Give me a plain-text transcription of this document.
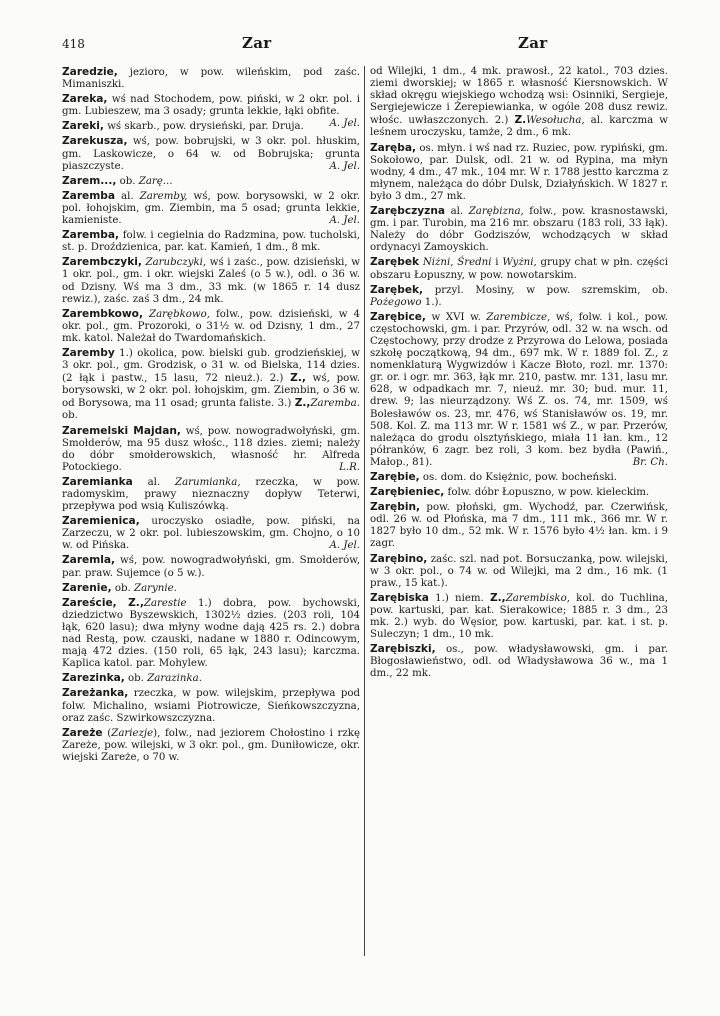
418	Zar	Zar

Zaredzie, jezioro, w pow. wileńskim, pod zaśc. Mimaniszki.

Zareka, wś nad Stochodem, pow. piński, w 2 okr. pol. i gm. Lubieszew, ma 3 osady; grunta lekkie, łąki obfite.
A. Jel.

Zareki, wś skarb., pow. drysieński, par. Druja.

Zarekusza, wś, pow. bobrujski, w 3 okr. pol. hłuskim, gm. Laskowicze, o 64 w. od Bobrujska; grunta piaszczyste.	A. Jel.

Zarem..., ob. Zarę...

Zaremba al. Zaremby, wś, pow. borysowski, w 2 okr. pol. łohojskim, gm. Ziembin, ma 5 osad; grunta lekkie, kamieniste.	A. Jel.

Zaremba, folw. i cegielnia do Radzmina, pow. tucholski, st. p. Droździenica, par. kat. Kamień, 1 dm., 8 mk.

Zarembczyki, Zarubczyki, wś i zaśc., pow. dzisieński, w 1 okr. pol., gm. i okr. wiejski Zaleś (o 5 w.), odl. o 36 w. od Dzisny. Wś ma 3 dm., 33 mk. (w 1865 r. 14 dusz rewiz.), zaśc. zaś 3 dm., 24 mk.

Zarembkowo, Zarębkowo, folw., pow. dzisieński, w 4 okr. pol., gm. Prozoroki, o 31½ w. od Dzisny, 1 dm., 27 mk. katol. Należał do Twardomańskich.

Zaremby 1.) okolica, pow. bielski gub. grodzieńskiej, w 3 okr. pol., gm. Grodzisk, o 31 w. od Bielska, 114 dzies. (2 łąk i pastw., 15 lasu, 72 nieuż.). 2.) Z., wś, pow. borysowski, w 2 okr. pol. łohojskim, gm. Ziembin, o 36 w. od Borysowa, ma 11 osad; grunta faliste. 3.) Z.,Zaremba. ob.

Zaremelski Majdan, wś, pow. nowogradwołyński, gm. Smołderów, ma 95 dusz włośc., 118 dzies. ziemi; należy do dóbr smołderowskich, własność hr. Alfreda Potockiego.	L.R.

Zaremianka al. Zarumianka, rzeczka, w pow. radomyskim, prawy nieznaczny dopływ Teterwi, przepływa pod wsią Kuliszówką.

Zaremienica, uroczysko osiadłe, pow. piński, na Zarzeczu, w 2 okr. pol. lubieszowskim, gm. Chojno, o 10 w. od Pińska.	A. Jel.

Zaremla, wś, pow. nowogradwołyński, gm. Smołderów, par. praw. Sujemce (o 5 w.).

Zarenie, ob. Zarynie.

Zareście, Z.,Zarestie 1.) dobra, pow. bychowski, dziedzictwo Byszewskich, 1302½ dzies. (203 roli, 104 łąk, 620 lasu); dwa młyny wodne dają 425 rs. 2.) dobra nad Restą, pow. czauski, nadane w 1880 r. Odincowym, mają 472 dzies. (150 roli, 65 łąk, 243 lasu); karczma. Kaplica katol. par. Mohylew.

Zarezinka, ob. Zarazinka.

Zareżanka, rzeczka, w pow. wilejskim, przepływa pod folw. Michalino, wsiami Piotrowicze, Sieńkowszczyzna, oraz zaśc. Szwirkowszczyzna.

Zareże (Zariezje), folw., nad jeziorem Chołostino i rzkę Zareże, pow. wilejski, w 3 okr. pol., gm. Duniłowicze, okr. wiejski Zareże, o 70 w.

od Wilejki, 1 dm., 4 mk. prawosł., 22 katol., 703 dzies. ziemi dworskiej; w 1865 r. własność Kiersnowskich. W skład okręgu wiejskiego wchodzą wsi: Osinniki, Sergieje, Sergiejewicze i Żerepiewianka, w ogóle 208 dusz rewiz. włośc. uwłaszczonych. 2.) Z.Wesołucha, al. karczma w leśnem uroczysku, tamże, 2 dm., 6 mk.

Zaręba, os. młyn. i wś nad rz. Ruziec, pow. rypiński, gm. Sokołowo, par. Dulsk, odl. 21 w. od Rypina, ma młyn wodny, 4 dm., 47 mk., 104 mr. W r. 1788 jestto karczma z młynem, należąca do dóbr Dulsk, Działyńskich. W 1827 r. było 3 dm., 27 mk.

Zarębczyzna al. Zarębizna, folw., pow. krasnostawski, gm. i par. Turobin, ma 216 mr. obszaru (183 roli, 33 łąk). Należy do dóbr Godziszów, wchodzących w skład ordynacyi Zamoyskich.

Zarębek Niżni, Średni i Wyżni, grupy chat w płn. części obszaru Łopuszny, w pow. nowotarskim.

Zarębek, przyl. Mosiny, w pow. szremskim, ob. Pożegowo 1.).

Zarębice, w XVI w. Zarembicze, wś, folw. i kol., pow. częstochowski, gm. i par. Przyrów, odl. 32 w. na wsch. od Częstochowy, przy drodze z Przyrowa do Lelowa, posiada szkołę początkową, 94 dm., 697 mk. W r. 1889 fol. Z., z nomenklaturą Wygwizdów i Kacze Błoto, rozl. mr. 1370: gr. or. i ogr. mr. 363, łąk mr. 210, pastw. mr. 131, lasu mr. 628, w odpadkach mr. 7, nieuż. mr. 30; bud. mur. 11, drew. 9; las nieurządzony. Wś Z. os. 74, mr. 1509, wś Bolesławów os. 23, mr. 476, wś Stanisławów os. 19, mr. 508. Kol. Z. ma 113 mr. W r. 1581 wś Z., w par. Przerów, należąca do grodu olsztyńskiego, miała 11 łan. km., 12 półranków, 6 zagr. bez roli, 3 kom. bez bydła (Pawiń., Małop., 81).	Br. Ch.

Zarębie, os. dom. do Księżnic, pow. bocheński.

Zarębieniec, folw. dóbr Łopuszno, w pow. kieleckim.

Zarębin, pow. płoński, gm. Wychodź, par. Czerwińsk, odl. 26 w. od Płońska, ma 7 dm., 111 mk., 366 mr. W r. 1827 było 10 dm., 52 mk. W r. 1576 było 4½ łan. km. i 9 zagr.

Zarębino, zaśc. szl. nad pot. Borsuczanką, pow. wilejski, w 3 okr. pol., o 74 w. od Wilejki, ma 2 dm., 16 mk. (1 praw., 15 kat.).

Zarębiska 1.) niem. Z.,Zarembisko, kol. do Tuchlina, pow. kartuski, par. kat. Sierakowice; 1885 r. 3 dm., 23 mk. 2.) wyb. do Węsior, pow. kartuski, par. kat. i st. p. Suleczyn; 1 dm., 10 mk.

Zarębiszki, os., pow. władysławowski, gm. i par. Błogosławieństwo, odl. od Władysławowa 36 w., ma 1 dm., 22 mk.
